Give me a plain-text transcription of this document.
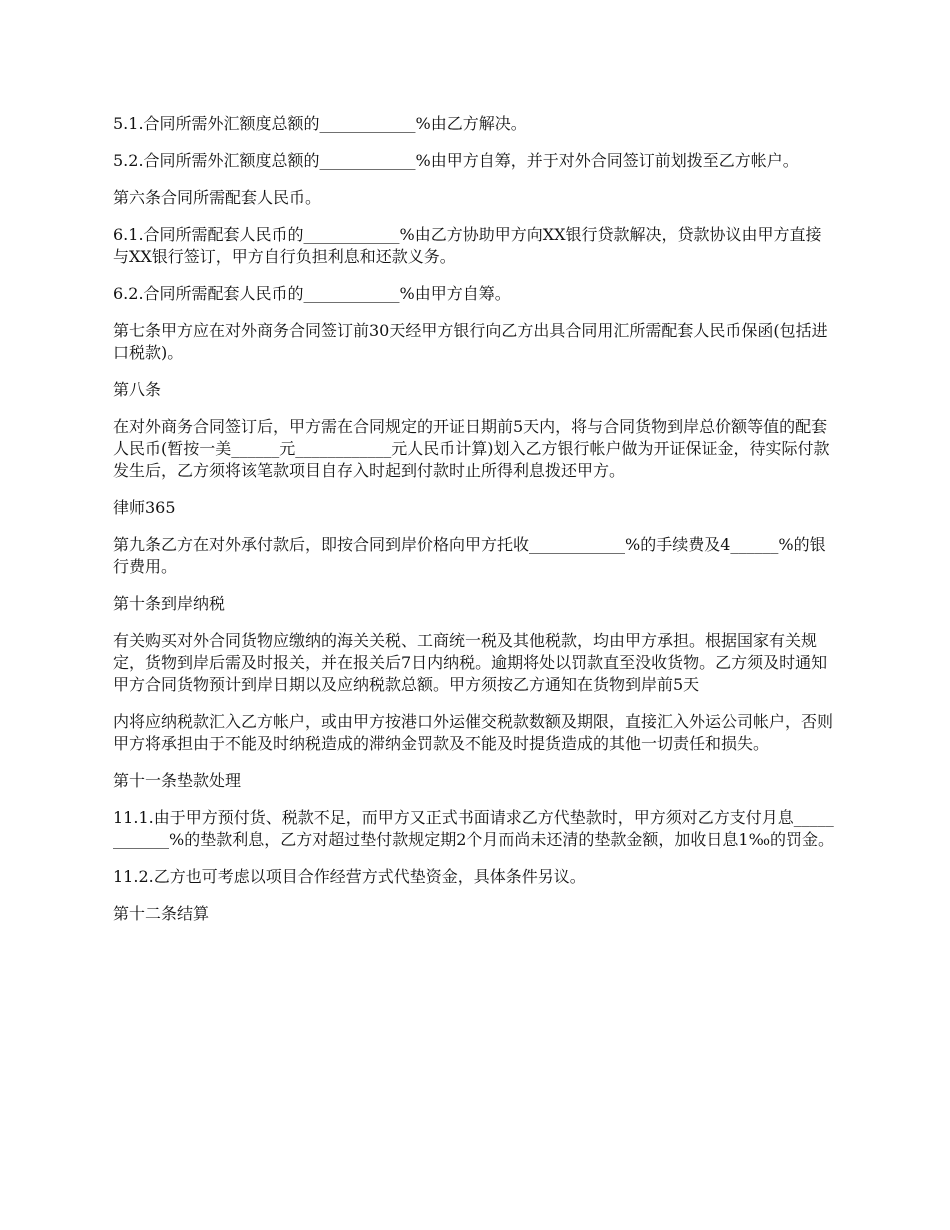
5.1.合同所需外汇额度总额的____________%由乙方解决。

5.2.合同所需外汇额度总额的____________%由甲方自筹，并于对外合同签订前划拨至乙方帐户。

第六条合同所需配套人民币。

6.1.合同所需配套人民币的____________%由乙方协助甲方向XX银行贷款解决，贷款协议由甲方直接与XX银行签订，甲方自行负担利息和还款义务。

6.2.合同所需配套人民币的____________%由甲方自筹。

第七条甲方应在对外商务合同签订前30天经甲方银行向乙方出具合同用汇所需配套人民币保函(包括进口税款)。

第八条

在对外商务合同签订后，甲方需在合同规定的开证日期前5天内，将与合同货物到岸总价额等值的配套人民币(暂按一美______元____________元人民币计算)划入乙方银行帐户做为开证保证金，待实际付款发生后，乙方须将该笔款项目自存入时起到付款时止所得利息拨还甲方。

律师365

第九条乙方在对外承付款后，即按合同到岸价格向甲方托收____________%的手续费及4______%的银行费用。

第十条到岸纳税

有关购买对外合同货物应缴纳的海关关税、工商统一税及其他税款，均由甲方承担。根据国家有关规定，货物到岸后需及时报关，并在报关后7日内纳税。逾期将处以罚款直至没收货物。乙方须及时通知甲方合同货物预计到岸日期以及应纳税款总额。甲方须按乙方通知在货物到岸前5天

内将应纳税款汇入乙方帐户，或由甲方按港口外运催交税款数额及期限，直接汇入外运公司帐户，否则甲方将承担由于不能及时纳税造成的滞纳金罚款及不能及时提货造成的其他一切责任和损失。

第十一条垫款处理

11.1.由于甲方预付货、税款不足，而甲方又正式书面请求乙方代垫款时，甲方须对乙方支付月息____________%的垫款利息，乙方对超过垫付款规定期2个月而尚未还清的垫款金额，加收日息1‰的罚金。

11.2.乙方也可考虑以项目合作经营方式代垫资金，具体条件另议。

第十二条结算
